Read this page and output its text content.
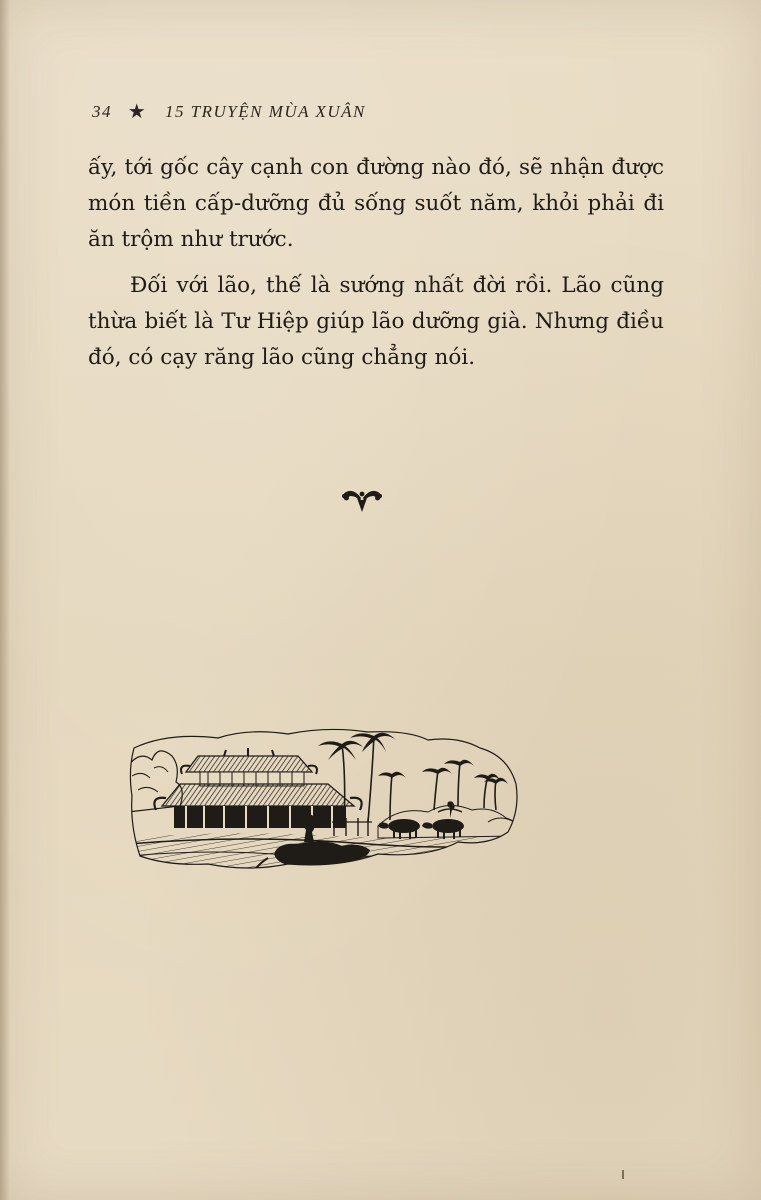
34 ★ 15 TRUYỆN MÙA XUÂN

ấy, tới gốc cây cạnh con đường nào đó, sẽ nhận được món tiền cấp-dưỡng đủ sống suốt năm, khỏi phải đi ăn trộm như trước.

Đối với lão, thế là sướng nhất đời rồi. Lão cũng thừa biết là Tư Hiệp giúp lão dưỡng già. Nhưng điều đó, có cạy răng lão cũng chẳng nói.
